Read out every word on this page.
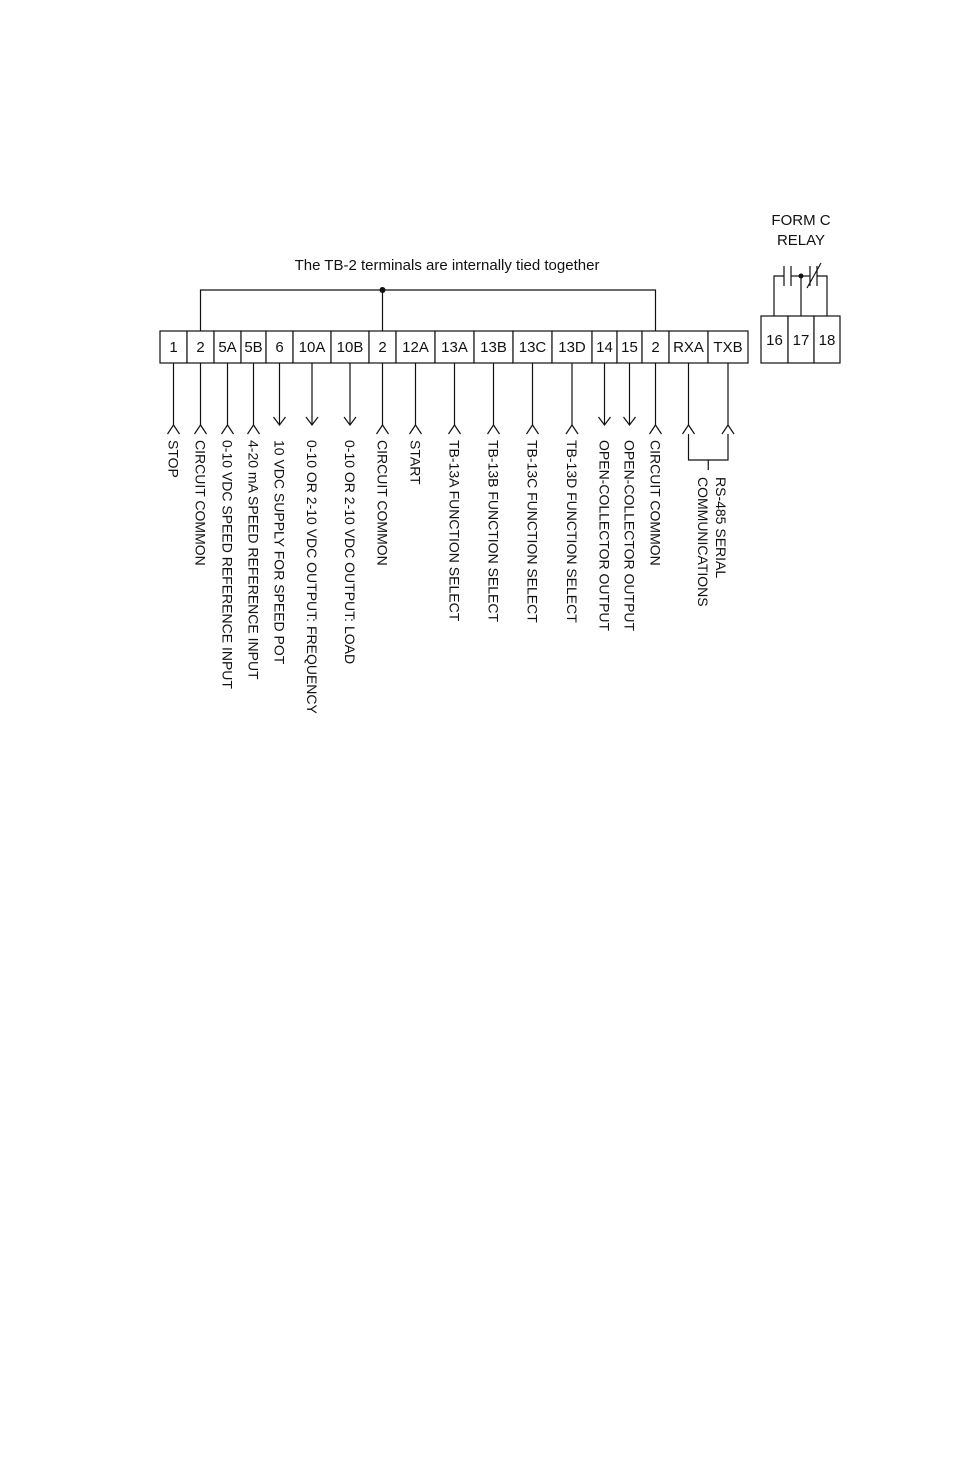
The TB-2 terminals are internally tied together
FORM C
RELAY
1 2 5A 5B 6 10A 10B 2 12A 13A 13B 13C 13D 14 15 2 RXA TXB 16 17 18
STOP CIRCUIT COMMON 0-10 VDC SPEED REFERENCE INPUT 4-20 mA SPEED REFERENCE INPUT 10 VDC SUPPLY FOR SPEED POT 0-10 OR 2-10 VDC OUTPUT: FREQUENCY 0-10 OR 2-10 VDC OUTPUT: LOAD CIRCUIT COMMON START TB-13A FUNCTION SELECT TB-13B FUNCTION SELECT TB-13C FUNCTION SELECT TB-13D FUNCTION SELECT OPEN-COLLECTOR OUTPUT OPEN-COLLECTOR OUTPUT CIRCUIT COMMON	RS-485 SERIAL
COMMUNICATIONS
